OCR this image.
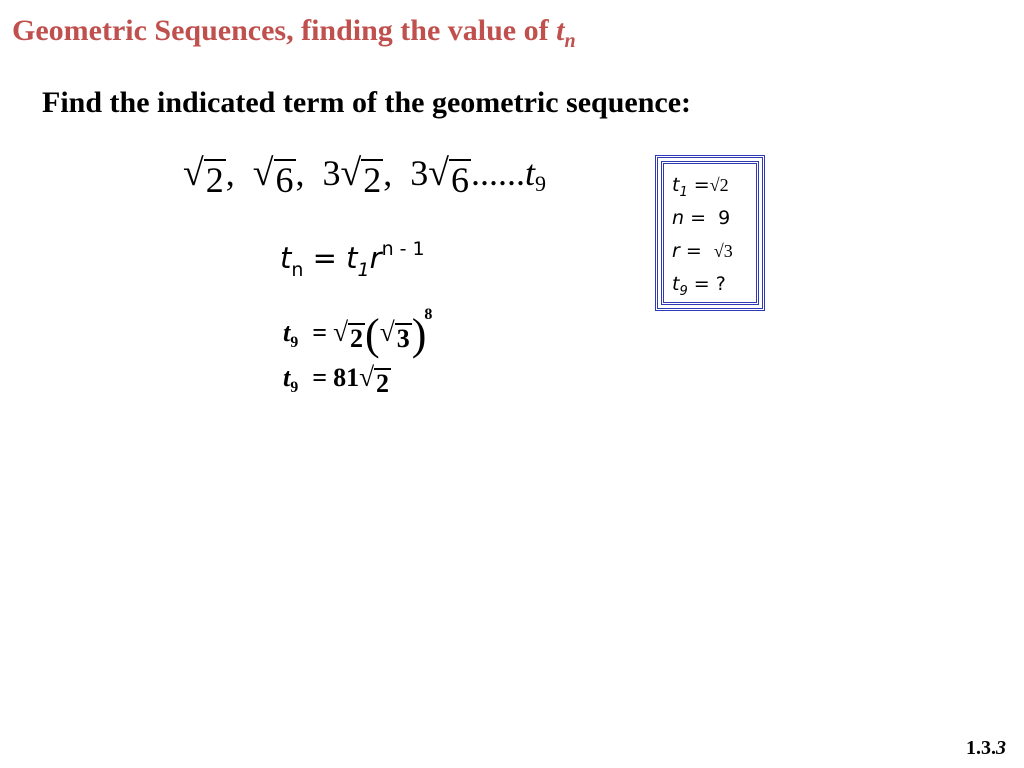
Geometric Sequences, finding the value of $t_n$
Find the indicated term of the geometric sequence:
√ 2 , √ 6 , 3 √ 2 , 3 √ 6 $......t_9$
$t_n = t_1r^{n - 1}$
$t_9$ = √ 2 ( √ 3 )$^8$
$t_9 = 81$ √ 2
$t_1 =√2$
n = 9
r = √3
$t_9$ = ?
1.3.3
